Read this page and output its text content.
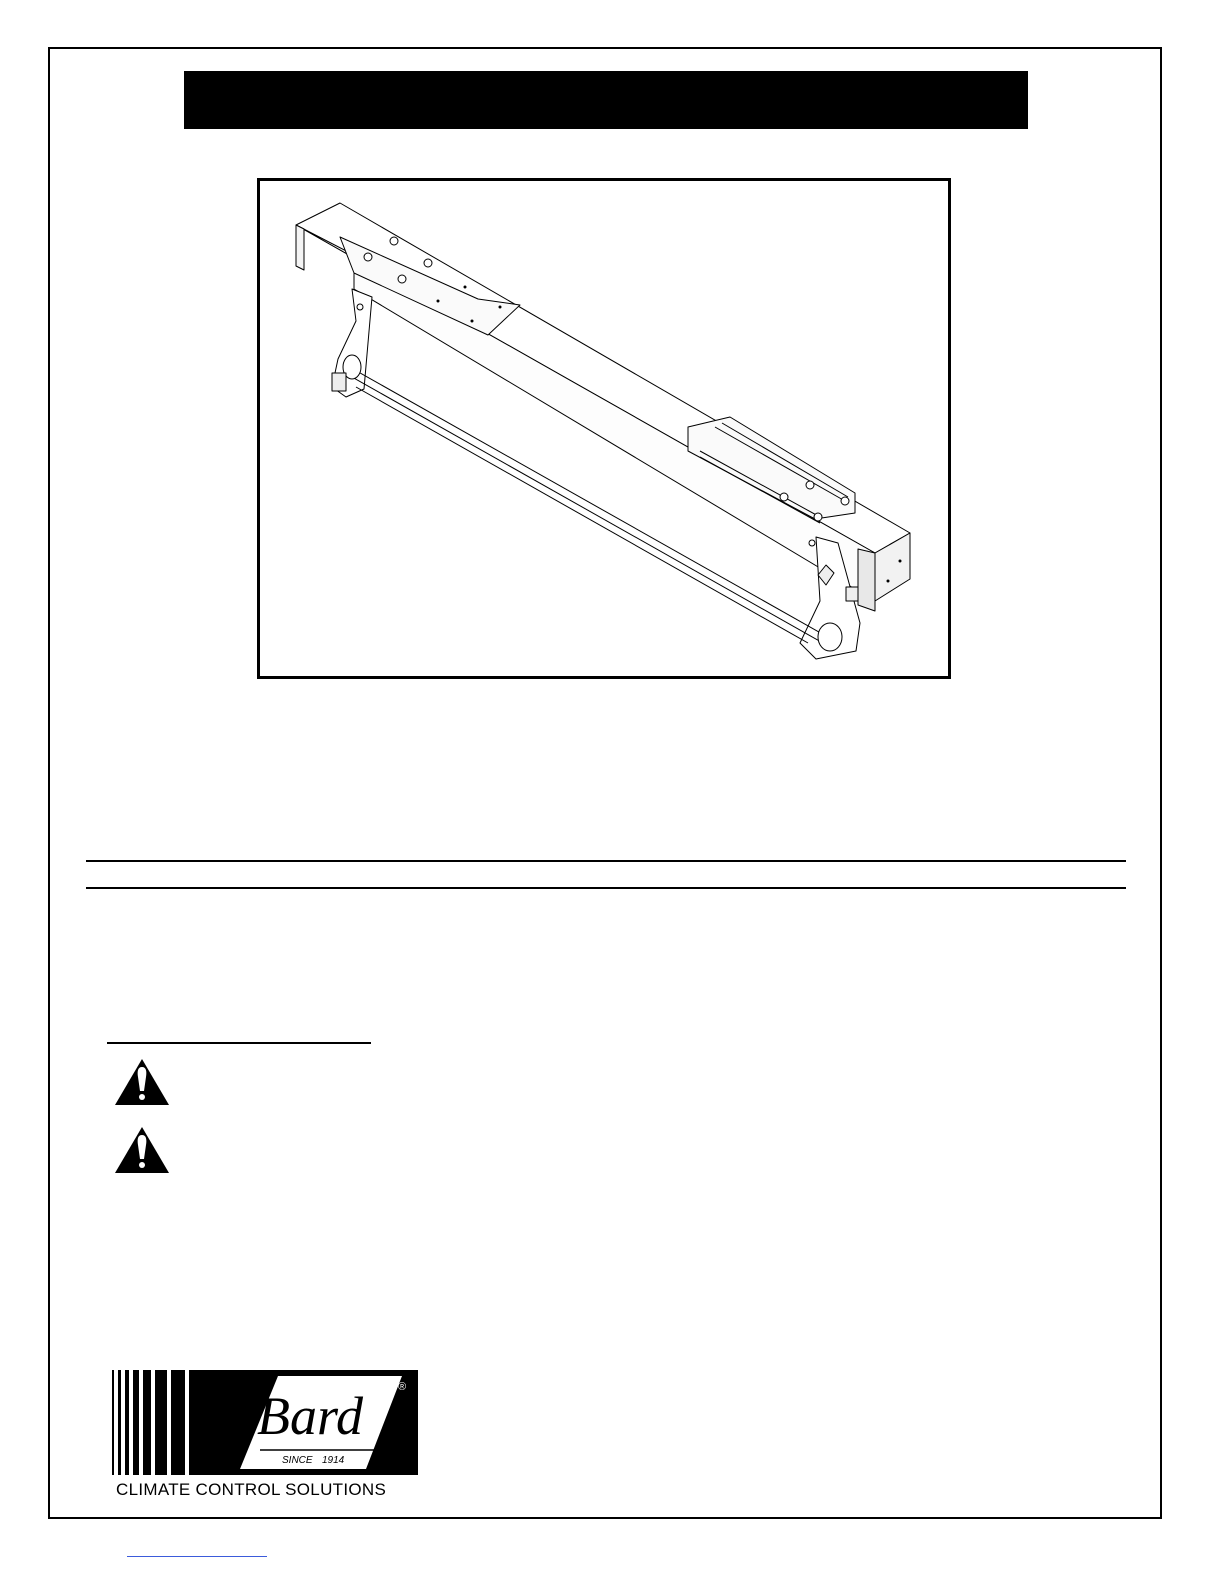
Bard
SINCE 1914
®
CLIMATE CONTROL SOLUTIONS
